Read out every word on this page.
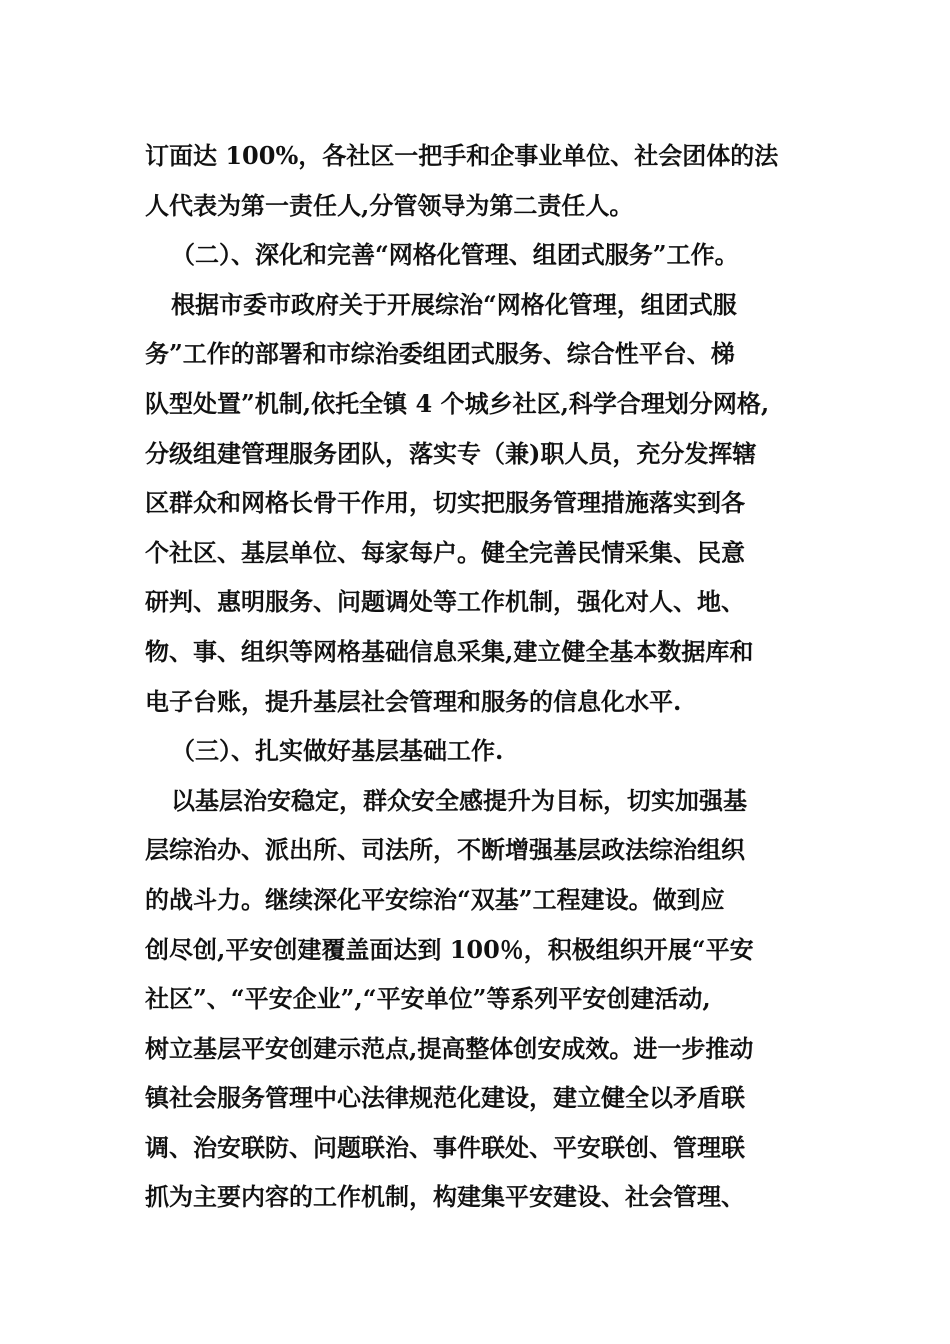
订面达 100%，各社区一把手和企事业单位、社会团体的法
人代表为第一责任人,分管领导为第二责任人。
（二）、深化和完善“网格化管理、组团式服务”工作。
根据市委市政府关于开展综治“网格化管理，组团式服
务”工作的部署和市综治委组团式服务、综合性平台、梯
队型处置”机制,依托全镇 4 个城乡社区,科学合理划分网格,
分级组建管理服务团队，落实专（兼)职人员，充分发挥辖
区群众和网格长骨干作用，切实把服务管理措施落实到各
个社区、基层单位、每家每户。健全完善民情采集、民意
研判、惠明服务、问题调处等工作机制，强化对人、地、
物、事、组织等网格基础信息采集,建立健全基本数据库和
电子台账，提升基层社会管理和服务的信息化水平.
（三）、扎实做好基层基础工作.
以基层治安稳定，群众安全感提升为目标，切实加强基
层综治办、派出所、司法所，不断增强基层政法综治组织
的战斗力。继续深化平安综治“双基”工程建设。做到应
创尽创,平安创建覆盖面达到 100％，积极组织开展“平安
社区”、“平安企业”,“平安单位”等系列平安创建活动,
树立基层平安创建示范点,提高整体创安成效。进一步推动
镇社会服务管理中心法律规范化建设，建立健全以矛盾联
调、治安联防、问题联治、事件联处、平安联创、管理联
抓为主要内容的工作机制，构建集平安建设、社会管理、
